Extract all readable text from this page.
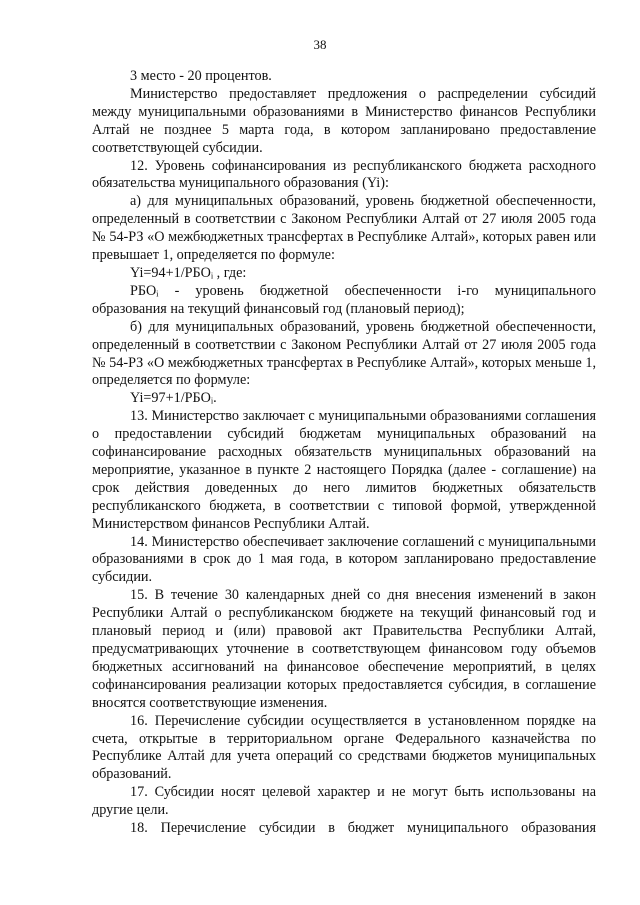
38

3 место - 20 процентов.

Министерство предоставляет предложения о распределении субсидий между муниципальными образованиями в Министерство финансов Республики Алтай не позднее 5 марта года, в котором запланировано предоставление соответствующей субсидии.

12. Уровень софинансирования из республиканского бюджета расходного обязательства муниципального образования (Yi):

а) для муниципальных образований, уровень бюджетной обеспеченности, определенный в соответствии с Законом Республики Алтай от 27 июля 2005 года № 54-РЗ «О межбюджетных трансфертах в Республике Алтай», которых равен или превышает 1, определяется по формуле:

Yi=94+1/РБОᵢ , где:

РБОᵢ - уровень бюджетной обеспеченности i-го муниципального образования на текущий финансовый год (плановый период);

б) для муниципальных образований, уровень бюджетной обеспеченности, определенный в соответствии с Законом Республики Алтай от 27 июля 2005 года № 54-РЗ «О межбюджетных трансфертах в Республике Алтай», которых меньше 1, определяется по формуле:

Yi=97+1/РБОᵢ.

13. Министерство заключает с муниципальными образованиями соглашения о предоставлении субсидий бюджетам муниципальных образований на софинансирование расходных обязательств муниципальных образований на мероприятие, указанное в пункте 2 настоящего Порядка (далее - соглашение) на срок действия доведенных до него лимитов бюджетных обязательств республиканского бюджета, в соответствии с типовой формой, утвержденной Министерством финансов Республики Алтай.

14. Министерство обеспечивает заключение соглашений с муниципальными образованиями в срок до 1 мая года, в котором запланировано предоставление субсидии.

15. В течение 30 календарных дней со дня внесения изменений в закон Республики Алтай о республиканском бюджете на текущий финансовый год и плановый период и (или) правовой акт Правительства Республики Алтай, предусматривающих уточнение в соответствующем финансовом году объемов бюджетных ассигнований на финансовое обеспечение мероприятий, в целях софинансирования реализации которых предоставляется субсидия, в соглашение вносятся соответствующие изменения.

16. Перечисление субсидии осуществляется в установленном порядке на счета, открытые в территориальном органе Федерального казначейства по Республике Алтай для учета операций со средствами бюджетов муниципальных образований.

17. Субсидии носят целевой характер и не могут быть использованы на другие цели.

18. Перечисление субсидии в бюджет муниципального образования
